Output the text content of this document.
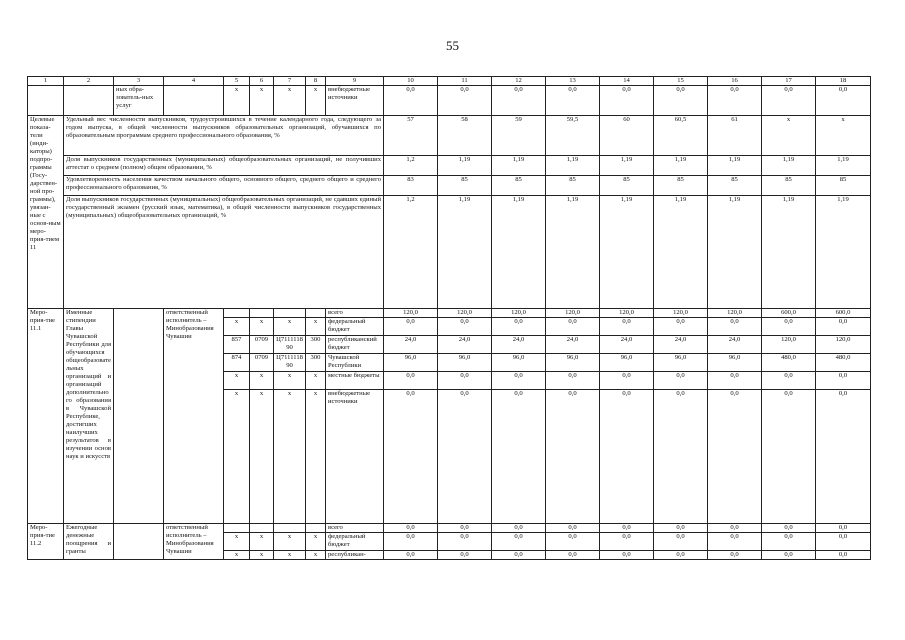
55
1	2	3	4	5	6	7	8	9	10	11	12	13	14	15	16	17	18
		ных обра-зователь-ных услуг		х	х	х	х	внебюджетные источники	0,0	0,0	0,0	0,0	0,0	0,0	0,0	0,0	0,0
Целевые показа-тели (инди-каторы) подпро-граммы (Госу-дарствен-ной про-граммы), увязан-ные с основ-ным меро-прия-тием 11	Удельный вес численности выпускников, трудоустроившихся в течение календарного года, следующего за годом выпуска, в общей численности выпускников образовательных организаций, обучавшихся по образовательным программам среднего профессионального образования, %								57	58	59	59,5	60	60,5	61	х	х
	Доля выпускников государственных (муниципальных) общеобразовательных организаций, не получивших аттестат о среднем (полном) общем образовании, %								1,2	1,19	1,19	1,19	1,19	1,19	1,19	1,19	1,19
	Удовлетворенность населения качеством начального общего, основного общего, среднего общего и среднего профессионального образования, %								83	85	85	85	85	85	85	85	85
	Доля выпускников государственных (муниципальных) общеобразовательных организаций, не сдавших единый государственный экзамен (русский язык, математика), в общей численности выпускников государственных (муниципальных) общеобразовательных организаций, %								1,2	1,19	1,19	1,19	1,19	1,19	1,19	1,19	1,19
Меро-прия-тие 11.1	Именные стипендии Главы Чувашской Республики для обучающихся общеобразовательных организаций и организаций дополнительного образования в Чувашской Республике, достигших наилучших результатов в изучении основ наук и искусств		ответственный исполнитель – Минобразования Чувашии					всего	120,0	120,0	120,0	120,0	120,0	120,0	120,0	600,0	600,0
				х	х	х	х	федеральный бюджет	0,0	0,0	0,0	0,0	0,0	0,0	0,0	0,0	0,0
				857	0709	Ц711111890	300	республиканский бюджет	24,0	24,0	24,0	24,0	24,0	24,0	24,0	120,0	120,0
				874	0709	Ц711111890	300	Чувашской Республики	96,0	96,0	96,0	96,0	96,0	96,0	96,0	480,0	480,0
				х	х	х	х	местные бюджеты	0,0	0,0	0,0	0,0	0,0	0,0	0,0	0,0	0,0
				х	х	х	х	внебюджетные источники	0,0	0,0	0,0	0,0	0,0	0,0	0,0	0,0	0,0
Меро-прия-тие 11.2	Ежегодные денежные поощрения и гранты		ответственный исполнитель – Минобразования Чувашии					всего	0,0	0,0	0,0	0,0	0,0	0,0	0,0	0,0	0,0
				х	х	х	х	федеральный бюджет	0,0	0,0	0,0	0,0	0,0	0,0	0,0	0,0	0,0
				х	х	х	х	республикан-	0,0	0,0	0,0	0,0	0,0	0,0	0,0	0,0	0,0
